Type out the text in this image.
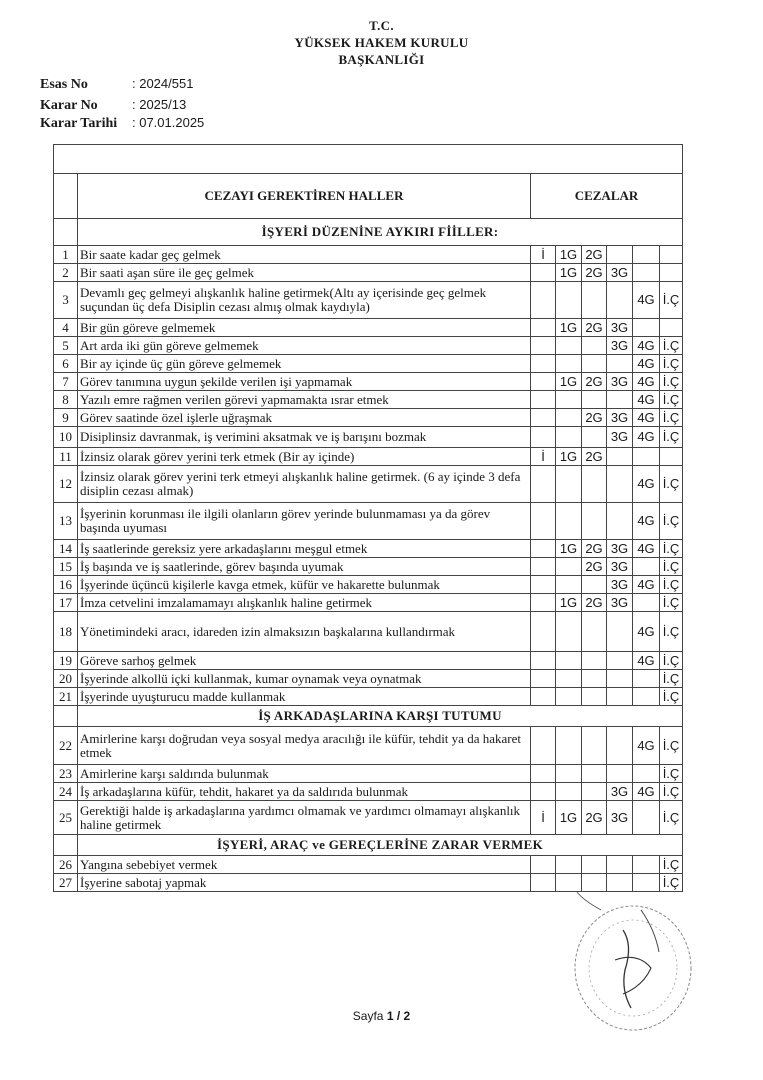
T.C.
YÜKSEK HAKEM KURULU
BAŞKANLIĞI
Esas No	: 2024/551
Karar No	: 2025/13
Karar Tarihi : 07.01.2025

	CEZAYI GEREKTİREN HALLER	CEZALAR					
	İŞYERİ DÜZENİNE AYKIRI FİİLLER:						
1	Bir saate kadar geç gelmek	İ	1G	2G			
2	Bir saati aşan süre ile geç gelmek		1G	2G	3G		
3	Devamlı geç gelmeyi alışkanlık haline getirmek(Altı ay içerisinde geç gelmek suçundan üç defa Disiplin cezası almış olmak kaydıyla)					4G	İ.Ç
4	Bir gün göreve gelmemek		1G	2G	3G		
5	Art arda iki gün göreve gelmemek				3G	4G	İ.Ç
6	Bir ay içinde üç gün göreve gelmemek					4G	İ.Ç
7	Görev tanımına uygun şekilde verilen işi yapmamak		1G	2G	3G	4G	İ.Ç
8	Yazılı emre rağmen verilen görevi yapmamakta ısrar etmek					4G	İ.Ç
9	Görev saatinde özel işlerle uğraşmak			2G	3G	4G	İ.Ç
10	Disiplinsiz davranmak, iş verimini aksatmak ve iş barışını bozmak				3G	4G	İ.Ç
11	İzinsiz olarak görev yerini terk etmek (Bir ay içinde)	İ	1G	2G			
12	İzinsiz olarak görev yerini terk etmeyi alışkanlık haline getirmek. (6 ay içinde 3 defa disiplin cezası almak)					4G	İ.Ç
13	İşyerinin korunması ile ilgili olanların görev yerinde bulunmaması ya da görev başında uyuması					4G	İ.Ç
14	İş saatlerinde gereksiz yere arkadaşlarını meşgul etmek		1G	2G	3G	4G	İ.Ç
15	İş başında ve iş saatlerinde, görev başında uyumak			2G	3G		İ.Ç
16	İşyerinde üçüncü kişilerle kavga etmek, küfür ve hakarette bulunmak				3G	4G	İ.Ç
17	İmza cetvelini imzalamamayı alışkanlık haline getirmek		1G	2G	3G		İ.Ç
18	Yönetimindeki aracı, idareden izin almaksızın başkalarına kullandırmak					4G	İ.Ç
19	Göreve sarhoş gelmek					4G	İ.Ç
20	İşyerinde alkollü içki kullanmak, kumar oynamak veya oynatmak						İ.Ç
21	İşyerinde uyuşturucu madde kullanmak						İ.Ç
	İŞ ARKADAŞLARINA KARŞI TUTUMU						
22	Amirlerine karşı doğrudan veya sosyal medya aracılığı ile küfür, tehdit ya da hakaret etmek					4G	İ.Ç
23	Amirlerine karşı saldırıda bulunmak						İ.Ç
24	İş arkadaşlarına küfür, tehdit, hakaret ya da saldırıda bulunmak				3G	4G	İ.Ç
25	Gerektiği halde iş arkadaşlarına yardımcı olmamak ve yardımcı olmamayı alışkanlık haline getirmek	İ	1G	2G	3G		İ.Ç
	İŞYERİ, ARAÇ ve GEREÇLERİNE ZARAR VERMEK						
26	Yangına sebebiyet vermek						İ.Ç
27	İşyerine sabotaj yapmak						İ.Ç
Sayfa 1 / 2
